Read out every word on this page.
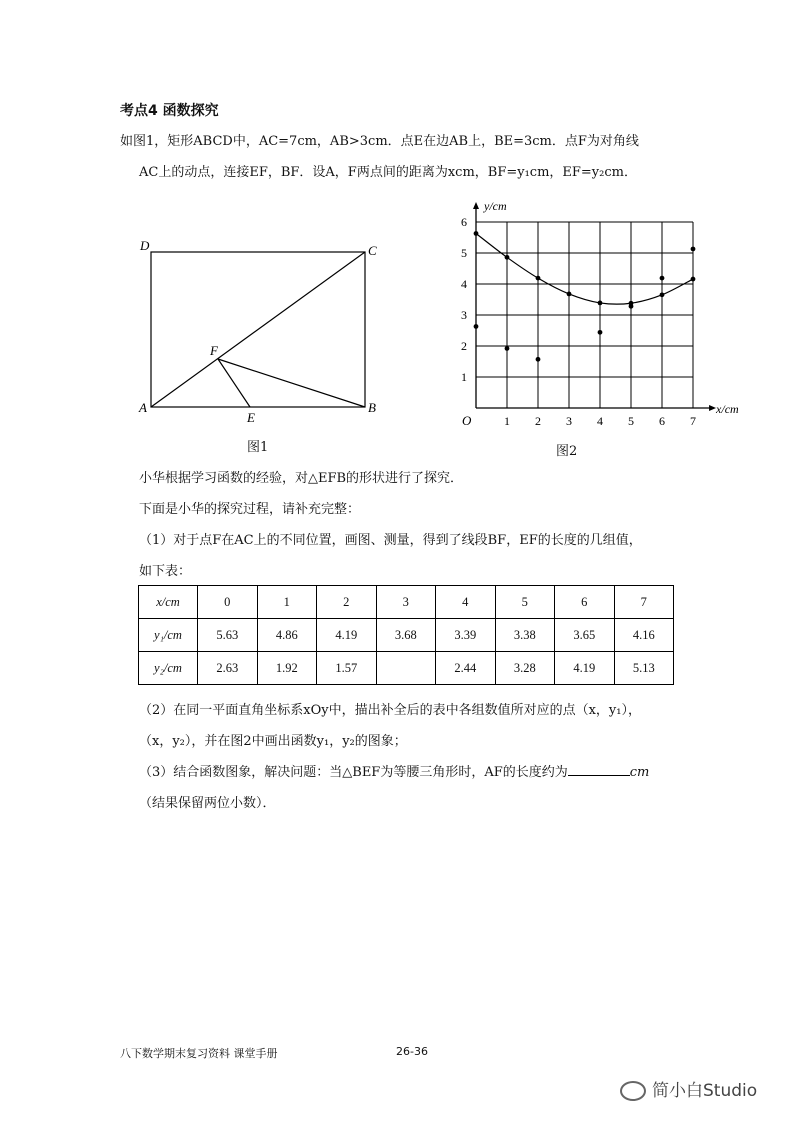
考点4 函数探究
如图1，矩形ABCD中，AC=7cm，AB>3cm．点E在边AB上，BE=3cm．点F为对角线
AC上的动点，连接EF，BF．设A，F两点间的距离为xcm，BF=y₁cm，EF=y₂cm．
D	C
A	B
E
F
图1
1 2 3 4 5 6 7
1
2
3
4
5
6
O
y/cm
x/cm
图2
小华根据学习函数的经验，对△EFB的形状进行了探究．
下面是小华的探究过程，请补充完整：
（1）对于点F在AC上的不同位置，画图、测量，得到了线段BF，EF的长度的几组值，
如下表：
x/cm	0	1	2	3	4	5	6	7
y₁/cm	5.63	4.86	4.19	3.68	3.39	3.38	3.65	4.16
y₂/cm	2.63	1.92	1.57		2.44	3.28	4.19	5.13
（2）在同一平面直角坐标系xOy中，描出补全后的表中各组数值所对应的点（x，y₁），
（x，y₂），并在图2中画出函数y₁，y₂的图象；
（3）结合函数图象，解决问题：当△BEF为等腰三角形时，AF的长度约为	cm
（结果保留两位小数）．
八下数学期末复习资料 课堂手册	26-36
简小白Studio
